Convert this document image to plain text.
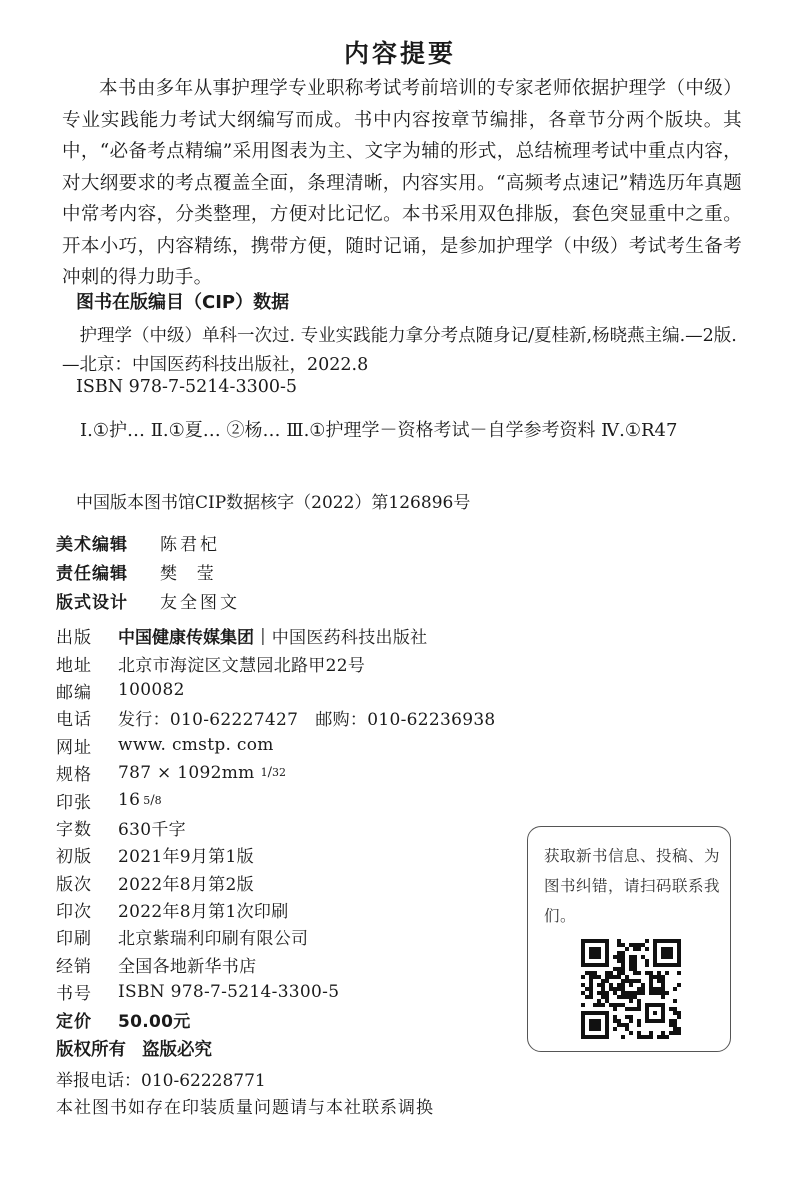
内容提要

本书由多年从事护理学专业职称考试考前培训的专家老师依据护理学（中级）专业实践能力考试大纲编写而成。书中内容按章节编排，各章节分两个版块。其中，“必备考点精编”采用图表为主、文字为辅的形式，总结梳理考试中重点内容，对大纲要求的考点覆盖全面，条理清晰，内容实用。“高频考点速记”精选历年真题中常考内容，分类整理，方便对比记忆。本书采用双色排版，套色突显重中之重。开本小巧，内容精练，携带方便，随时记诵，是参加护理学（中级）考试考生备考冲刺的得力助手。

图书在版编目（CIP）数据

护理学（中级）单科一次过. 专业实践能力拿分考点随身记/夏桂新,杨晓燕主编.—2版.—北京：中国医药科技出版社，2022.8

ISBN 978-7-5214-3300-5

Ⅰ.①护… Ⅱ.①夏… ②杨… Ⅲ.①护理学－资格考试－自学参考资料 Ⅳ.①R47

中国版本图书馆CIP数据核字（2022）第126896号

美术编辑	陈君杞
责任编辑	樊  莹
版式设计	友全图文
出版	中国健康传媒集团 | 中国医药科技出版社
地址	北京市海淀区文慧园北路甲22号
邮编	100082
电话	发行：010-62227427   邮购：010-62236938
网址	www. cmstp. com
规格	787 × 1092mm 1 / 32
印张	16 5 / 8
字数	630千字
初版	2021年9月第1版
版次	2022年8月第2版
印次	2022年8月第1次印刷
印刷	北京紫瑞利印刷有限公司
经销	全国各地新华书店
书号	ISBN 978-7-5214-3300-5
定价	50.00元
版权所有 盗版必究
举报电话：010-62228771
本社图书如存在印装质量问题请与本社联系调换

获取新书信息、投稿、为图书纠错，请扫码联系我们。
